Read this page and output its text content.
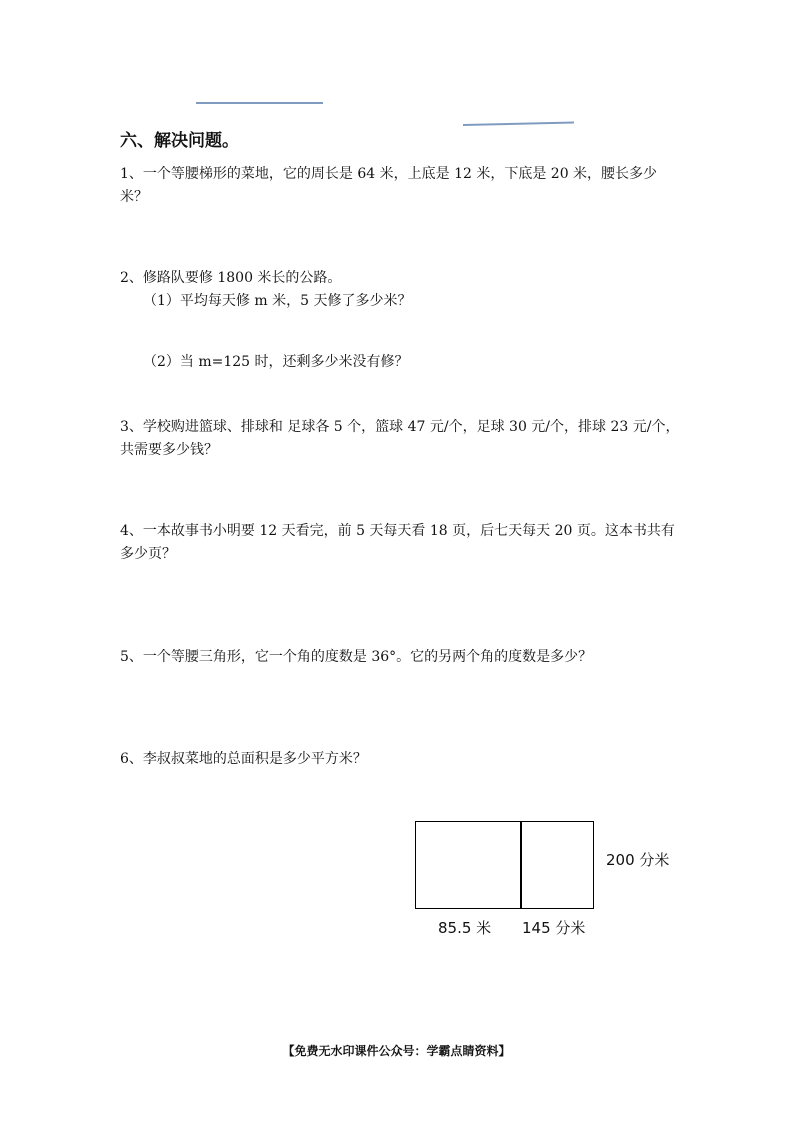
六、解决问题。

1、一个等腰梯形的菜地，它的周长是 64 米，上底是 12 米，下底是 20 米，腰长多少米？

2、修路队要修 1800 米长的公路。

（1）平均每天修 m 米，5 天修了多少米？

（2）当 m=125 时，还剩多少米没有修？

3、学校购进篮球、排球和 足球各 5 个，篮球 47 元/个，足球 30 元/个，排球 23 元/个，共需要多少钱？

4、一本故事书小明要 12 天看完，前 5 天每天看 18 页，后七天每天 20 页。这本书共有多少页？

5、一个等腰三角形，它一个角的度数是 36°。它的另两个角的度数是多少？

6、李叔叔菜地的总面积是多少平方米？

200 分米
85.5 米 145 分米
【免费无水印课件公众号：学霸点睛资料】
